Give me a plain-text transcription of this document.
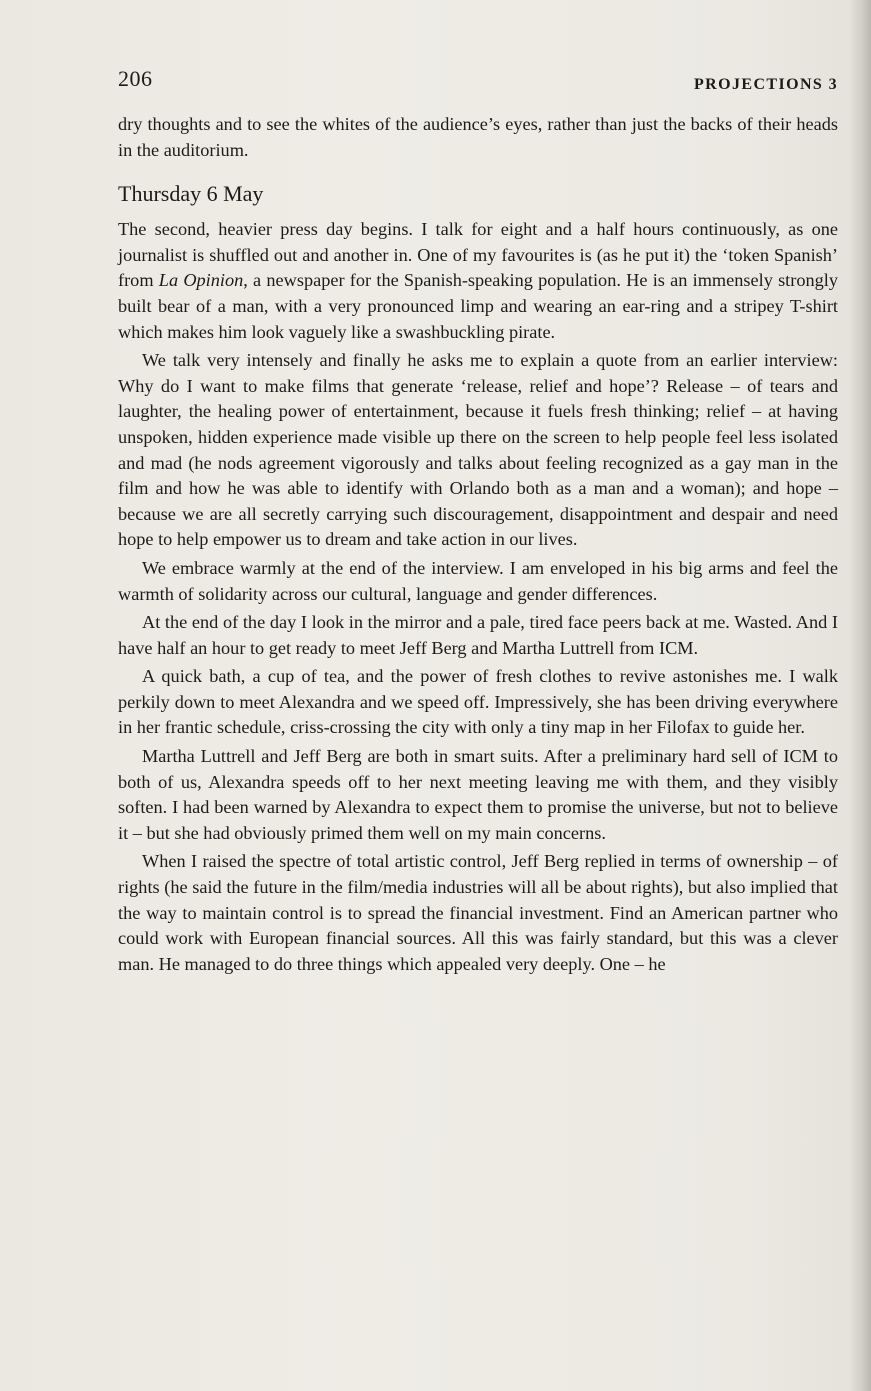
206	PROJECTIONS 3

dry thoughts and to see the whites of the audience’s eyes, rather than just the backs of their heads in the auditorium.

Thursday 6 May

The second, heavier press day begins. I talk for eight and a half hours continuously, as one journalist is shuffled out and another in. One of my favourites is (as he put it) the ‘token Spanish’ from La Opinion, a newspaper for the Spanish-speaking population. He is an immensely strongly built bear of a man, with a very pronounced limp and wearing an ear-ring and a stripey T-shirt which makes him look vaguely like a swashbuckling pirate.

We talk very intensely and finally he asks me to explain a quote from an earlier interview: Why do I want to make films that generate ‘release, relief and hope’? Release – of tears and laughter, the healing power of entertainment, because it fuels fresh thinking; relief – at having unspoken, hidden experience made visible up there on the screen to help people feel less isolated and mad (he nods agreement vigorously and talks about feeling recognized as a gay man in the film and how he was able to identify with Orlando both as a man and a woman); and hope – because we are all secretly carrying such discouragement, disappointment and despair and need hope to help empower us to dream and take action in our lives.

We embrace warmly at the end of the interview. I am enveloped in his big arms and feel the warmth of solidarity across our cultural, language and gender differences.

At the end of the day I look in the mirror and a pale, tired face peers back at me. Wasted. And I have half an hour to get ready to meet Jeff Berg and Martha Luttrell from ICM.

A quick bath, a cup of tea, and the power of fresh clothes to revive astonishes me. I walk perkily down to meet Alexandra and we speed off. Impressively, she has been driving everywhere in her frantic schedule, criss-crossing the city with only a tiny map in her Filofax to guide her.

Martha Luttrell and Jeff Berg are both in smart suits. After a preliminary hard sell of ICM to both of us, Alexandra speeds off to her next meeting leaving me with them, and they visibly soften. I had been warned by Alexandra to expect them to promise the universe, but not to believe it – but she had obviously primed them well on my main concerns.

When I raised the spectre of total artistic control, Jeff Berg replied in terms of ownership – of rights (he said the future in the film/media industries will all be about rights), but also implied that the way to maintain control is to spread the financial investment. Find an American partner who could work with European financial sources. All this was fairly standard, but this was a clever man. He managed to do three things which appealed very deeply. One – he
